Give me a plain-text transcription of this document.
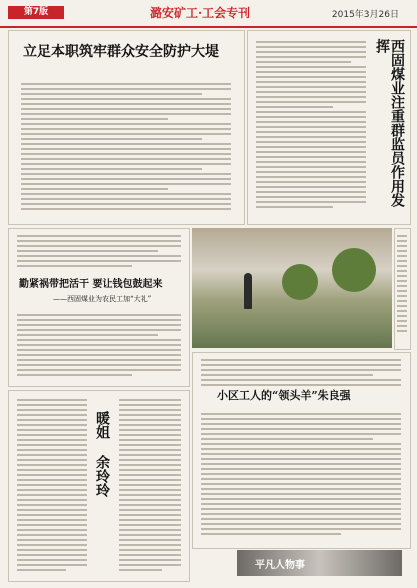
第7版	潞安矿工·工会专刊	2015年3月26日
立足本职筑牢群众安全防护大堤	西固煤业注重群监员作用发挥
勤紧祸带把活干 要让钱包鼓起来
——西固煤业为农民工加“大礼”
小区工人的“领头羊”朱良强
暖姐 余玲玲
平凡人物事
